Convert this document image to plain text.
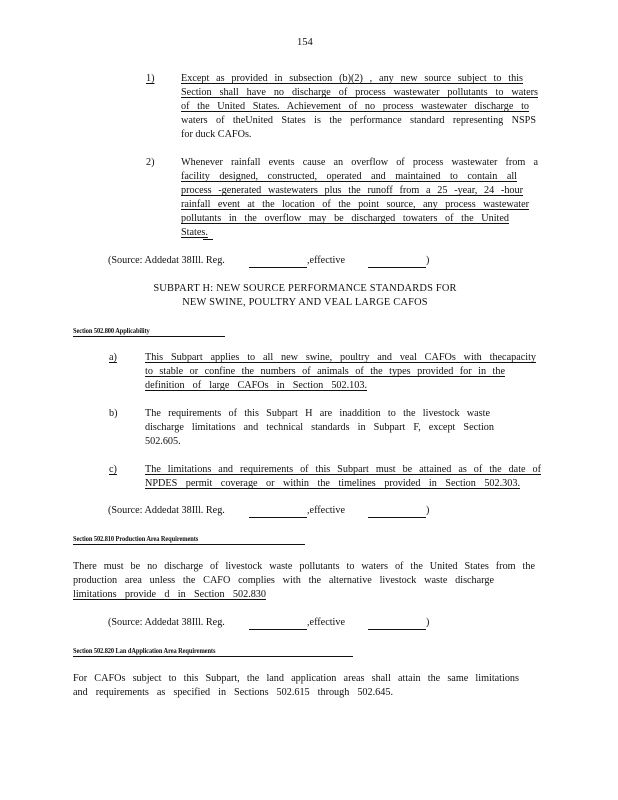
154
1)	Except as provided in subsection (b)(2) , any new source subject to this
Section shall have no discharge of process wastewater pollutants to waters
of the United States. Achievement of no process wastewater discharge to
waters of theUnited States is the performance standard representing NSPS
for duck CAFOs.
2)	Whenever rainfall events cause an overflow of process wastewater from a
facility designed, constructed, operated and maintained to contain all
process -generated wastewaters plus the runoff from a 25 -year, 24 -hour
rainfall event at the location of the point source, any process wastewater
pollutants in the overflow may be discharged towaters of the United
States.
(Source: Addedat 38Ill. Reg.	,effective	)
SUBPART H: NEW SOURCE PERFORMANCE STANDARDS FOR
NEW SWINE, POULTRY AND VEAL LARGE CAFOS
Section 502.800 Applicability
a)	This Subpart applies to all new swine, poultry and veal CAFOs with thecapacity
to stable or confine the numbers of animals of the types provided for in the
definition of large CAFOs in Section 502.103.
b)	The requirements of this Subpart H are inaddition to the livestock waste
discharge limitations and technical standards in Subpart F, except Section
502.605.
c)	The limitations and requirements of this Subpart must be attained as of the date of
NPDES permit coverage or within the timelines provided in Section 502.303.
(Source: Addedat 38Ill. Reg.	,effective	)
Section 502.810 Production Area Requirements
There must be no discharge of livestock waste pollutants to waters of the United States from the
production area unless the CAFO complies with the alternative livestock waste discharge
limitations provide d in Section 502.830
(Source: Addedat 38Ill. Reg.	,effective	)
Section 502.820 Lan dApplication Area Requirements
For CAFOs subject to this Subpart, the land application areas shall attain the same limitations
and requirements as specified in Sections 502.615 through 502.645.
